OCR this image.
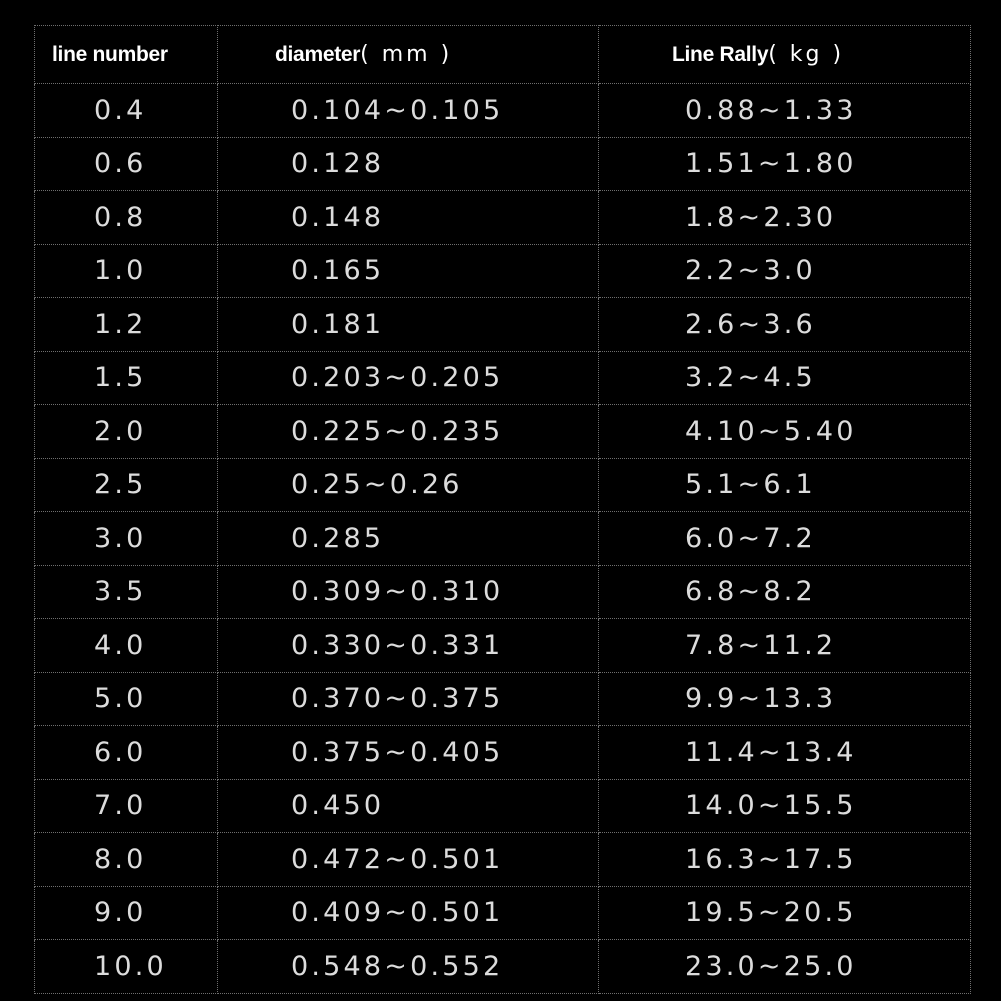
line number	diameter( mm )	Line Rally( kg )
0.4	0.104~0.105	0.88~1.33
0.6	0.128	1.51~1.80
0.8	0.148	1.8~2.30
1.0	0.165	2.2~3.0
1.2	0.181	2.6~3.6
1.5	0.203~0.205	3.2~4.5
2.0	0.225~0.235	4.10~5.40
2.5	0.25~0.26	5.1~6.1
3.0	0.285	6.0~7.2
3.5	0.309~0.310	6.8~8.2
4.0	0.330~0.331	7.8~11.2
5.0	0.370~0.375	9.9~13.3
6.0	0.375~0.405	11.4~13.4
7.0	0.450	14.0~15.5
8.0	0.472~0.501	16.3~17.5
9.0	0.409~0.501	19.5~20.5
10.0	0.548~0.552	23.0~25.0
